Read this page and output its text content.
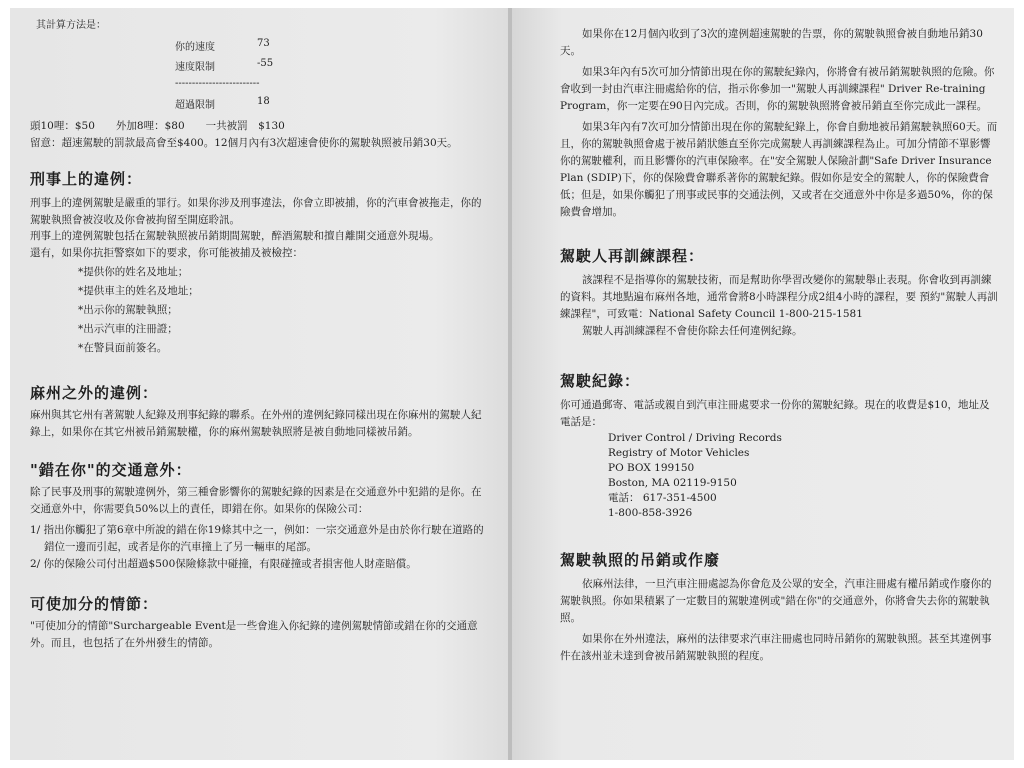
其計算方法是：
你的速度	73
速度限制	-55
-------------------------
超過限制	18

頭10哩：$50　　外加8哩：$80　　一共被罰　$130

留意：超速駕駛的罰款最高會至$400。12個月內有3次超速會使你的駕駛執照被吊銷30天。

刑事上的違例：

刑事上的違例駕駛是嚴重的罪行。如果你涉及刑事違法，你會立即被捕，你的汽車會被拖走，你的駕駛執照會被沒收及你會被拘留至開庭聆訊。

刑事上的違例駕駛包括在駕駛執照被吊銷期間駕駛，醉酒駕駛和擅自離開交通意外現場。

還有，如果你抗拒警察如下的要求，你可能被捕及被檢控：

*提供你的姓名及地址；
*提供車主的姓名及地址；
*出示你的駕駛執照；
*出示汽車的注冊證；
*在警員面前簽名。
麻州之外的違例：

麻州與其它州有著駕駛人紀錄及刑事紀錄的聯系。在外州的違例紀錄同樣出現在你麻州的駕駛人紀錄上，如果你在其它州被吊銷駕駛權，你的麻州駕駛執照將是被自動地同樣被吊銷。

"錯在你"的交通意外：

除了民事及刑事的駕駛違例外，第三種會影響你的駕駛紀錄的因素是在交通意外中犯錯的是你。在交通意外中，你需要負50%以上的責任，即錯在你。如果你的保險公司：

1/ 指出你觸犯了第6章中所說的錯在你19條其中之一，例如：一宗交通意外是由於你行駛在道路的錯位一邊而引起，或者是你的汽車撞上了另一輛車的尾部。

2/ 你的保險公司付出超過$500保險條款中碰撞，有限碰撞或者損害他人財產賠償。

可使加分的情節：

"可使加分的情節"Surchargeable Event是一些會進入你紀錄的違例駕駛情節或錯在你的交通意外。而且，也包括了在外州發生的情節。

如果你在12月個內收到了3次的違例超速駕駛的告票，你的駕駛執照會被自動地吊銷30天。

如果3年內有5次可加分情節出現在你的駕駛紀錄內，你將會有被吊銷駕駛執照的危險。你會收到一封由汽車注冊處給你的信，指示你參加一"駕駛人再訓練課程" Driver Re-training Program，你一定要在90日內完成。否則，你的駕駛執照將會被吊銷直至你完成此一課程。

如果3年內有7次可加分情節出現在你的駕駛紀錄上，你會自動地被吊銷駕駛執照60天。而且，你的駕駛執照會處于被吊銷狀態直至你完成駕駛人再訓練課程為止。可加分情節不單影響你的駕駛權利，而且影響你的汽車保險率。在"安全駕駛人保險計劃"Safe Driver Insurance Plan (SDIP)下，你的保險費會聯系著你的駕駛紀錄。假如你是安全的駕駛人，你的保險費會低；但是，如果你觸犯了刑事或民事的交通法例，又或者在交通意外中你是多過50%，你的保險費會增加。

駕駛人再訓練課程：

該課程不是指導你的駕駛技術，而是幫助你學習改變你的駕駛舉止表現。你會收到再訓練的資料。其地點遍布麻州各地，通常會將8小時課程分成2組4小時的課程，要 預約"駕駛人再訓練課程"，可致電：National Safety Council 1-800-215-1581

駕駛人再訓練課程不會使你除去任何違例紀錄。

駕駛紀錄：

你可通過郵寄、電話或親自到汽車注冊處要求一份你的駕駛紀錄。現在的收費是$10，地址及電話是：

Driver Control / Driving Records
Registry of Motor Vehicles
PO BOX 199150
Boston, MA 02119-9150
電話： 617-351-4500
1-800-858-3926
駕駛執照的吊銷或作廢

依麻州法律，一旦汽車注冊處認為你會危及公眾的安全，汽車注冊處有權吊銷或作廢你的駕駛執照。你如果積累了一定數目的駕駛違例或"錯在你"的交通意外，你將會失去你的駕駛執照。

如果你在外州違法，麻州的法律要求汽車注冊處也同時吊銷你的駕駛執照。甚至其違例事件在該州並未達到會被吊銷駕駛執照的程度。
